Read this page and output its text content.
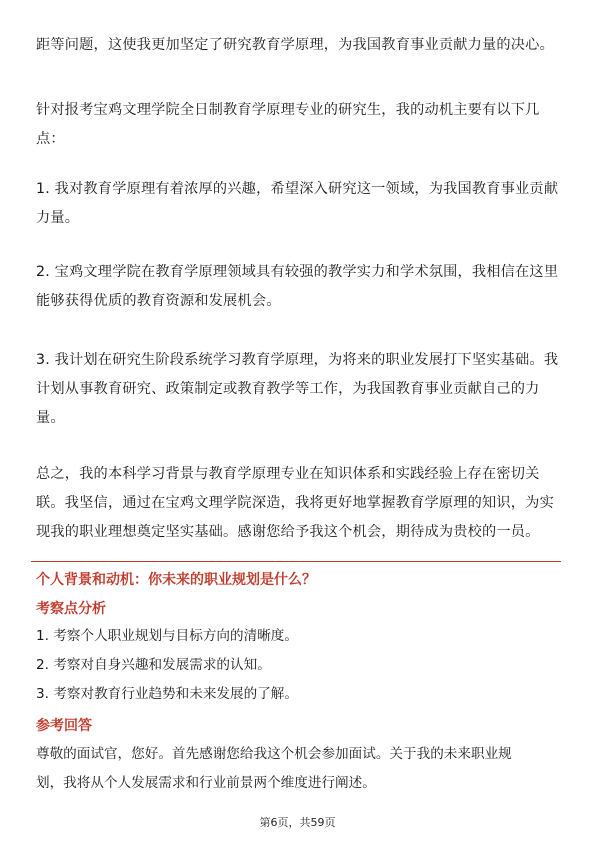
距等问题，这使我更加坚定了研究教育学原理，为我国教育事业贡献力量的决心。

针对报考宝鸡文理学院全日制教育学原理专业的研究生，我的动机主要有以下几
点：

1. 我对教育学原理有着浓厚的兴趣，希望深入研究这一领域，为我国教育事业贡献
力量。

2. 宝鸡文理学院在教育学原理领域具有较强的教学实力和学术氛围，我相信在这里
能够获得优质的教育资源和发展机会。

3. 我计划在研究生阶段系统学习教育学原理，为将来的职业发展打下坚实基础。我
计划从事教育研究、政策制定或教育教学等工作，为我国教育事业贡献自己的力
量。

总之，我的本科学习背景与教育学原理专业在知识体系和实践经验上存在密切关
联。我坚信，通过在宝鸡文理学院深造，我将更好地掌握教育学原理的知识，为实
现我的职业理想奠定坚实基础。感谢您给予我这个机会，期待成为贵校的一员。

个人背景和动机：你未来的职业规划是什么？
考察点分析
1. 考察个人职业规划与目标方向的清晰度。
2. 考察对自身兴趣和发展需求的认知。
3. 考察对教育行业趋势和未来发展的了解。
参考回答
尊敬的面试官，您好。首先感谢您给我这个机会参加面试。关于我的未来职业规
划，我将从个人发展需求和行业前景两个维度进行阐述。
第6页，共59页
